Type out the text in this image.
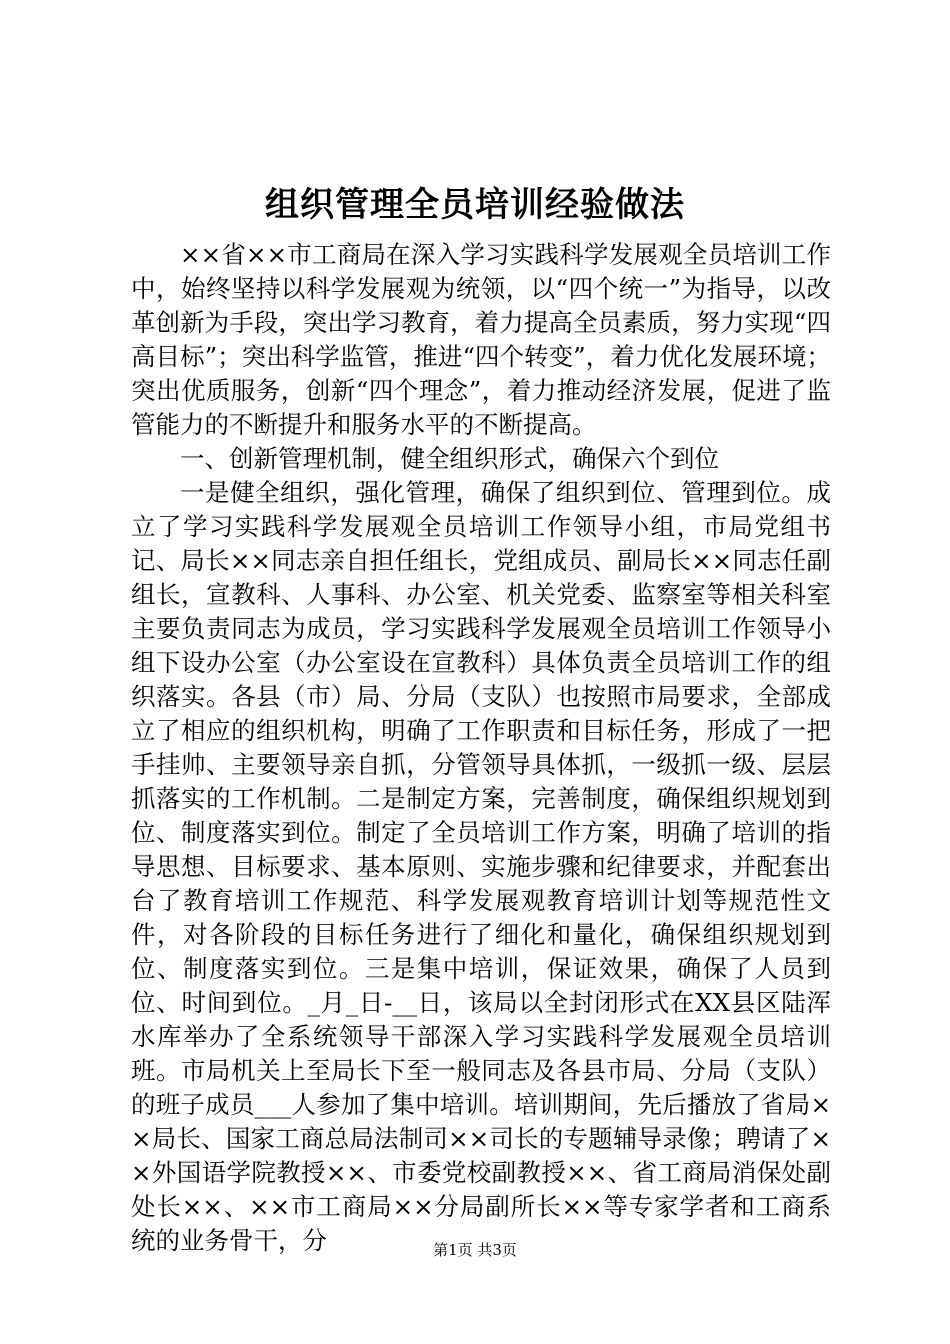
组织管理全员培训经验做法

××省××市工商局在深入学习实践科学发展观全员培训工作中，始终坚持以科学发展观为统领，以“四个统一”为指导，以改革创新为手段，突出学习教育，着力提高全员素质，努力实现“四高目标”；突出科学监管，推进“四个转变”，着力优化发展环境；突出优质服务，创新“四个理念”，着力推动经济发展，促进了监管能力的不断提升和服务水平的不断提高。

一、创新管理机制，健全组织形式，确保六个到位

一是健全组织，强化管理，确保了组织到位、管理到位。成立了学习实践科学发展观全员培训工作领导小组，市局党组书记、局长××同志亲自担任组长，党组成员、副局长××同志任副组长，宣教科、人事科、办公室、机关党委、监察室等相关科室主要负责同志为成员，学习实践科学发展观全员培训工作领导小组下设办公室（办公室设在宣教科）具体负责全员培训工作的组织落实。各县（市）局、分局（支队）也按照市局要求，全部成立了相应的组织机构，明确了工作职责和目标任务，形成了一把手挂帅、主要领导亲自抓，分管领导具体抓，一级抓一级、层层抓落实的工作机制。二是制定方案，完善制度，确保组织规划到位、制度落实到位。制定了全员培训工作方案，明确了培训的指导思想、目标要求、基本原则、实施步骤和纪律要求，并配套出台了教育培训工作规范、科学发展观教育培训计划等规范性文件，对各阶段的目标任务进行了细化和量化，确保组织规划到位、制度落实到位。三是集中培训，保证效果，确保了人员到位、时间到位。_月_日-__日，该局以全封闭形式在XX县区陆浑水库举办了全系统领导干部深入学习实践科学发展观全员培训班。市局机关上至局长下至一般同志及各县市局、分局（支队）的班子成员___人参加了集中培训。培训期间，先后播放了省局××局长、国家工商总局法制司××司长的专题辅导录像；聘请了××外国语学院教授××、市委党校副教授××、省工商局消保处副处长××、××市工商局××分局副所长××等专家学者和工商系统的业务骨干，分	第1页 共3页
